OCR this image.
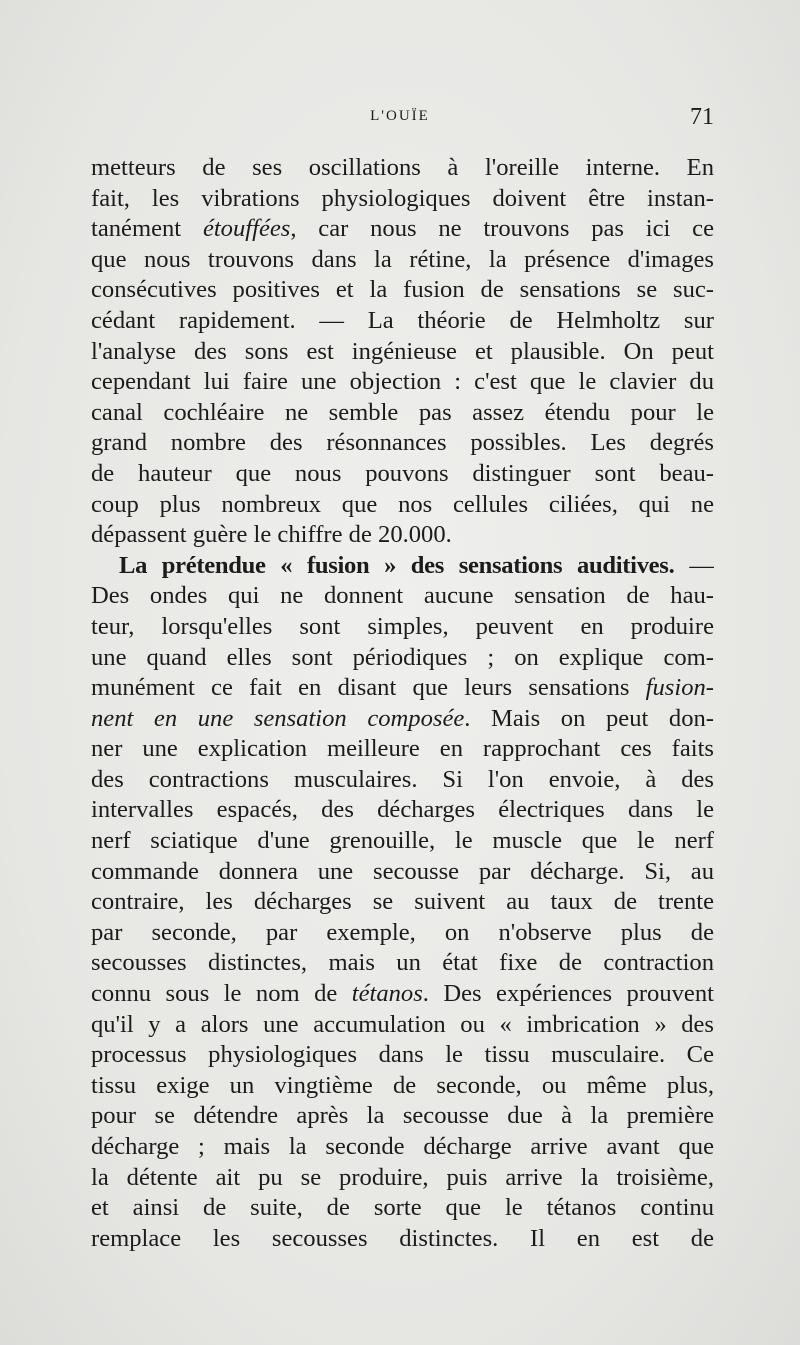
L'OUÏE	71
metteurs de ses oscillations à l'oreille interne. En
fait, les vibrations physiologiques doivent être instan-
tanément étouffées, car nous ne trouvons pas ici ce
que nous trouvons dans la rétine, la présence d'images
consécutives positives et la fusion de sensations se suc-
cédant rapidement. — La théorie de Helmholtz sur
l'analyse des sons est ingénieuse et plausible. On peut
cependant lui faire une objection : c'est que le clavier du
canal cochléaire ne semble pas assez étendu pour le
grand nombre des résonnances possibles. Les degrés
de hauteur que nous pouvons distinguer sont beau-
coup plus nombreux que nos cellules ciliées, qui ne
dépassent guère le chiffre de 20.000.
La prétendue « fusion » des sensations auditives. —
Des ondes qui ne donnent aucune sensation de hau-
teur, lorsqu'elles sont simples, peuvent en produire
une quand elles sont périodiques ; on explique com-
munément ce fait en disant que leurs sensations fusion-
nent en une sensation composée. Mais on peut don-
ner une explication meilleure en rapprochant ces faits
des contractions musculaires. Si l'on envoie, à des
intervalles espacés, des décharges électriques dans le
nerf sciatique d'une grenouille, le muscle que le nerf
commande donnera une secousse par décharge. Si, au
contraire, les décharges se suivent au taux de trente
par seconde, par exemple, on n'observe plus de
secousses distinctes, mais un état fixe de contraction
connu sous le nom de tétanos. Des expériences prouvent
qu'il y a alors une accumulation ou « imbrication » des
processus physiologiques dans le tissu musculaire. Ce
tissu exige un vingtième de seconde, ou même plus,
pour se détendre après la secousse due à la première
décharge ; mais la seconde décharge arrive avant que
la détente ait pu se produire, puis arrive la troisième,
et ainsi de suite, de sorte que le tétanos continu
remplace les secousses distinctes. Il en est de
